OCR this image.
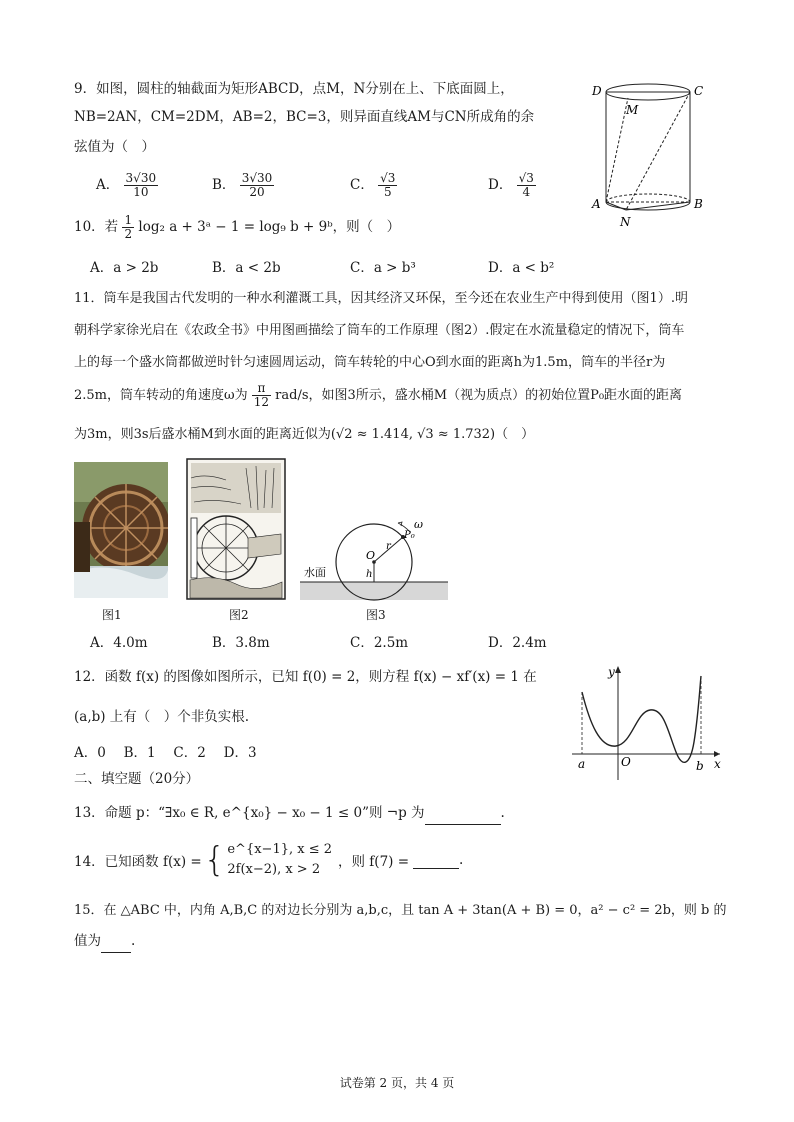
9．如图，圆柱的轴截面为矩形ABCD，点M，N分别在上、下底面圆上，
NB=2AN，CM=2DM，AB=2，BC=3，则异面直线AM与CN所成角的余
弦值为（　）
A． $\frac{3√30}{10}$	B． $\frac{3√30}{20}$	C． $\frac{√3}{5}$	D． $\frac{√3}{4}$
D	C
M
A	B
N
10．若 $\frac{1}{2} \log_2$ a + 3ᵃ − 1 = log₉ b + 9ᵇ，则（　）
A．a > 2b	B．a < 2b	C．a > b³	D．a < b²
11．筒车是我国古代发明的一种水利灌溉工具，因其经济又环保，至今还在农业生产中得到使用（图1）.明
朝科学家徐光启在《农政全书》中用图画描绘了筒车的工作原理（图2）.假定在水流量稳定的情况下，筒车
上的每一个盛水筒都做逆时针匀速圆周运动，筒车转轮的中心O到水面的距离h为1.5m，筒车的半径r为
2.5m，筒车转动的角速度ω为 $\frac{\pi}{12} rad/s$，如图3所示，盛水桶M（视为质点）的初始位置P₀距水面的距离
为3m，则3s后盛水桶M到水面的距离近似为(√2 ≈ 1.414, √3 ≈ 1.732)（　）
水面
O
r
h
P₀
ω
图1	图2	图3
A．4.0m	B．3.8m	C．2.5m	D．2.4m
12．函数 f(x) 的图像如图所示，已知 f(0) = 2，则方程 f(x) − xf′(x) = 1 在
(a,b) 上有（　）个非负实根.
A．0　 B．1　 C．2　 D．3
y
x
a	O	b
二、填空题（20分）
13．命题 p：“∃x₀ ∈ R, e^{x₀} − x₀ − 1 ≤ 0”则 ¬p 为	.
14．已知函数 f(x) = { e^{x−1}, x ≤ 2
2f(x−2), x > 2	，则 f(7) =
	.
15．在 △ABC 中，内角 A,B,C 的对边长分别为 a,b,c，且 tan A + 3tan(A + B) = 0，a² − c² = 2b，则 b 的
值为 .
试卷第 2 页，共 4 页
